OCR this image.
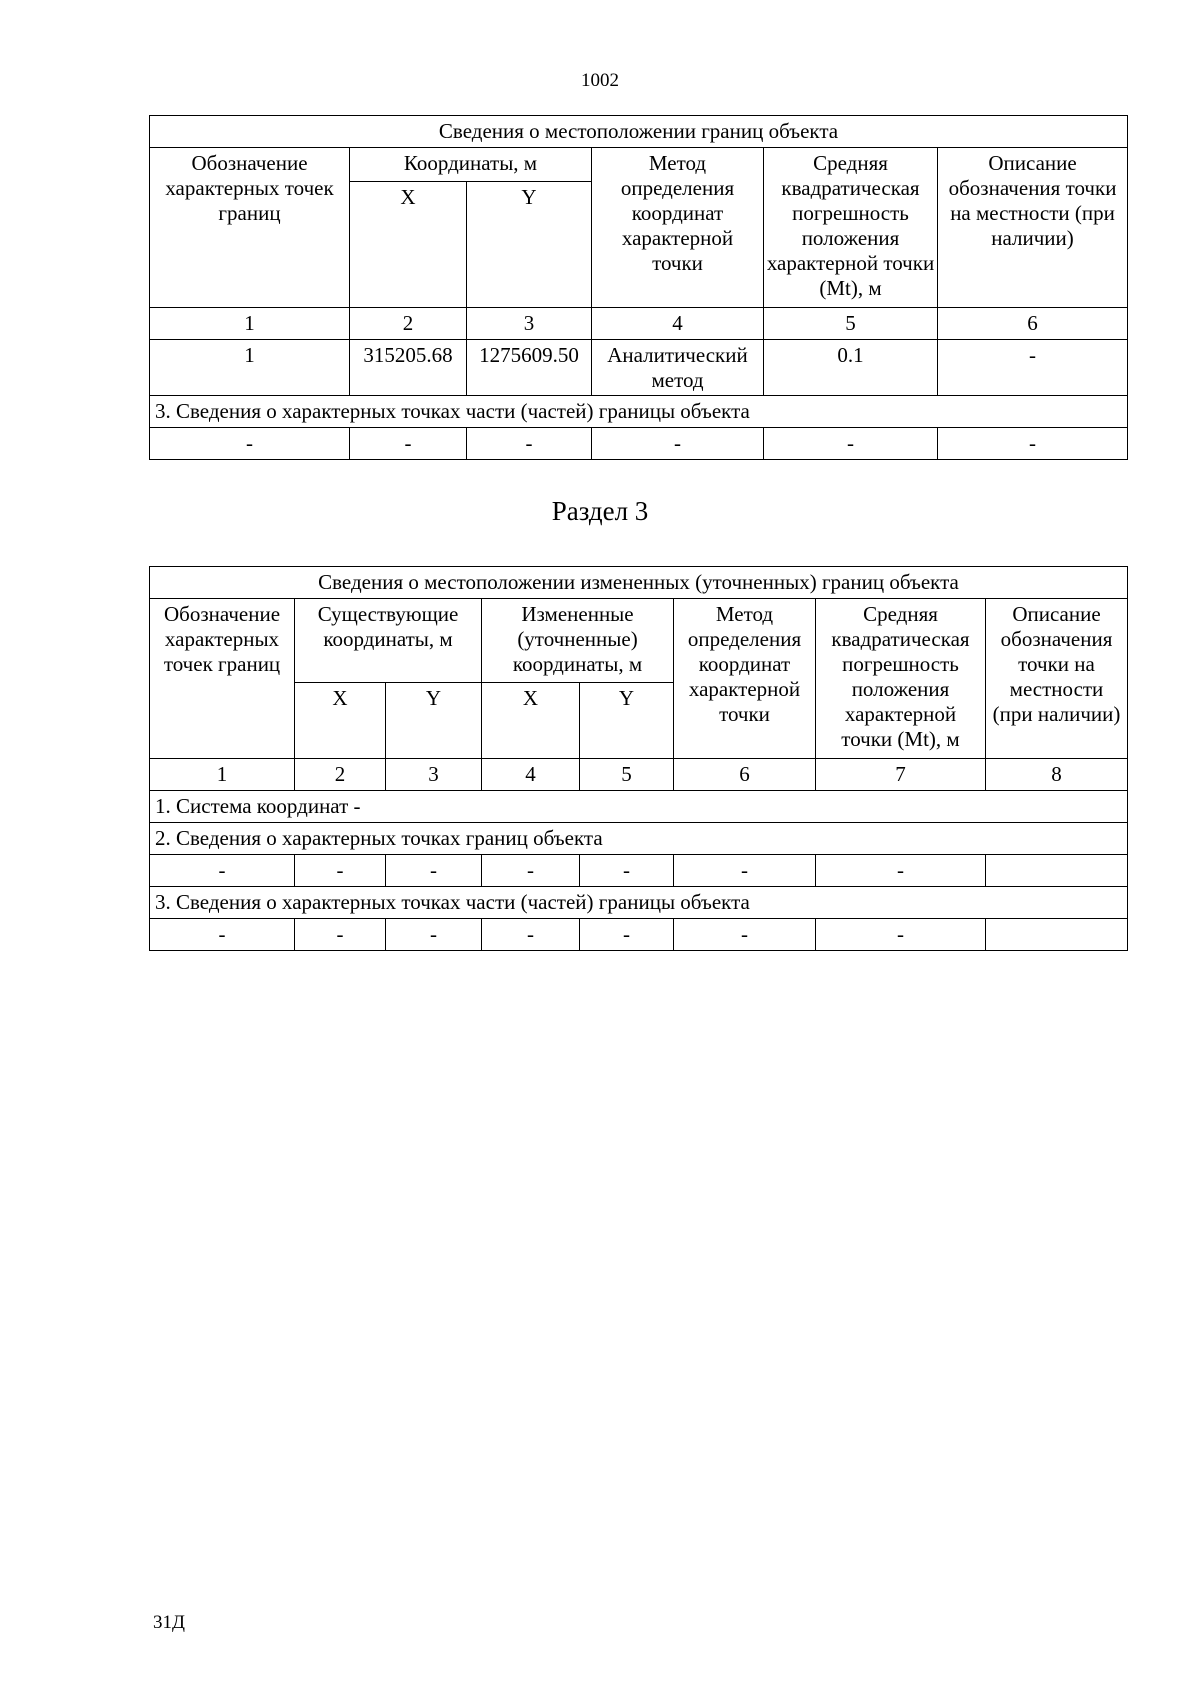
1002
Сведения о местоположении границ объекта					
Обозначение характерных точек границ	Координаты, м		Метод определения координат характерной точки	Средняя квадратическая погрешность положения характерной точки (Mt), м	Описание обозначения точки на местности (при наличии)
	X	Y			
1	2	3	4	5	6
1	315205.68	1275609.50	Аналитический метод	0.1	-
3. Сведения о характерных точках части (частей) границы объекта					
-	-	-	-	-	-
Раздел 3
Сведения о местоположении измененных (уточненных) границ объекта							
Обозначение характерных точек границ	Существующие координаты, м		Измененные (уточненные) координаты, м		Метод определения координат характерной точки	Средняя квадратическая погрешность положения характерной точки (Mt), м	Описание обозначения точки на местности (при наличии)
	X	Y	X	Y			
1	2	3	4	5	6	7	8
1. Система координат -							
2. Сведения о характерных точках границ объекта							
-	-	-	-	-	-	-	
3. Сведения о характерных точках части (частей) границы объекта							
-	-	-	-	-	-	-	
31Д
